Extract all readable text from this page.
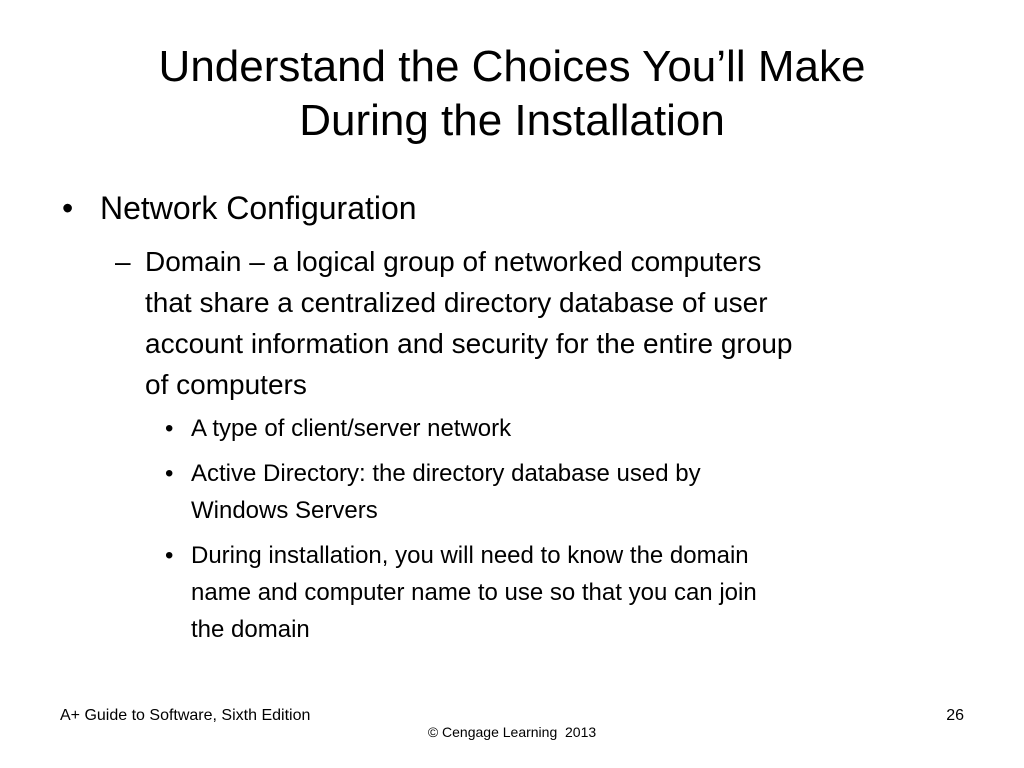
Understand the Choices You’ll Make
During the Installation
• Network Configuration
– Domain – a logical group of networked computers
that share a centralized directory database of user
account information and security for the entire group
of computers
• A type of client/server network
• Active Directory: the directory database used by
Windows Servers
• During installation, you will need to know the domain
name and computer name to use so that you can join
the domain
A+ Guide to Software, Sixth Edition
© Cengage Learning  2013
26
